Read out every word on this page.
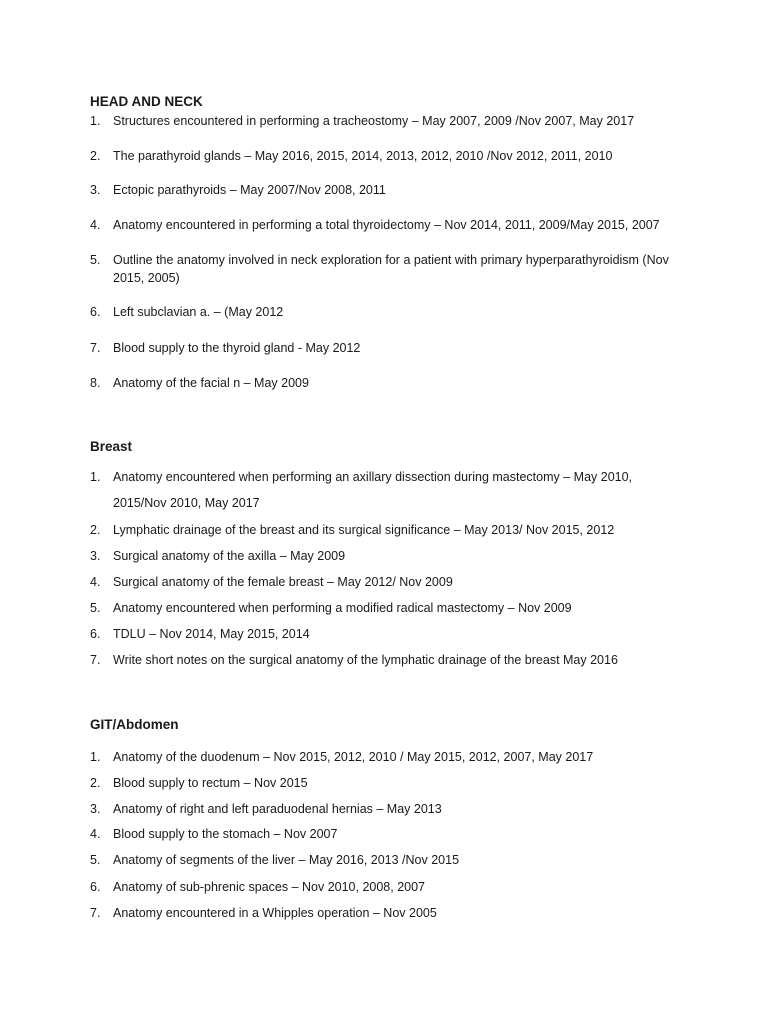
HEAD AND NECK
1.	Structures encountered in performing a tracheostomy – May 2007, 2009 /Nov 2007, May 2017
2.	The parathyroid glands – May 2016, 2015, 2014, 2013, 2012, 2010 /Nov 2012, 2011, 2010
3.	Ectopic parathyroids – May 2007/Nov 2008, 2011
4.	Anatomy encountered in performing a total thyroidectomy – Nov 2014, 2011, 2009/May 2015, 2007
5.	Outline the anatomy involved in neck exploration for a patient with primary hyperparathyroidism (Nov 2015, 2005)
6.	Left subclavian a. – (May 2012
7.	Blood supply to the thyroid gland - May 2012
8.	Anatomy of the facial n – May 2009
Breast
1.	Anatomy encountered when performing an axillary dissection during mastectomy – May 2010, 2015/Nov 2010, May 2017
2.	Lymphatic drainage of the breast and its surgical significance – May 2013/ Nov 2015, 2012
3.	Surgical anatomy of the axilla – May 2009
4.	Surgical anatomy of the female breast – May 2012/ Nov 2009
5.	Anatomy encountered when performing a modified radical mastectomy – Nov 2009
6.	TDLU – Nov 2014, May 2015, 2014
7.	Write short notes on the surgical anatomy of the lymphatic drainage of the breast May 2016
GIT/Abdomen
1.	Anatomy of the duodenum – Nov 2015, 2012, 2010 / May 2015, 2012, 2007, May 2017
2.	Blood supply to rectum – Nov 2015
3.	Anatomy of right and left paraduodenal hernias – May 2013
4.	Blood supply to the stomach – Nov 2007
5.	Anatomy of segments of the liver – May 2016, 2013 /Nov 2015
6.	Anatomy of sub-phrenic spaces – Nov 2010, 2008, 2007
7.	Anatomy encountered in a Whipples operation – Nov 2005
